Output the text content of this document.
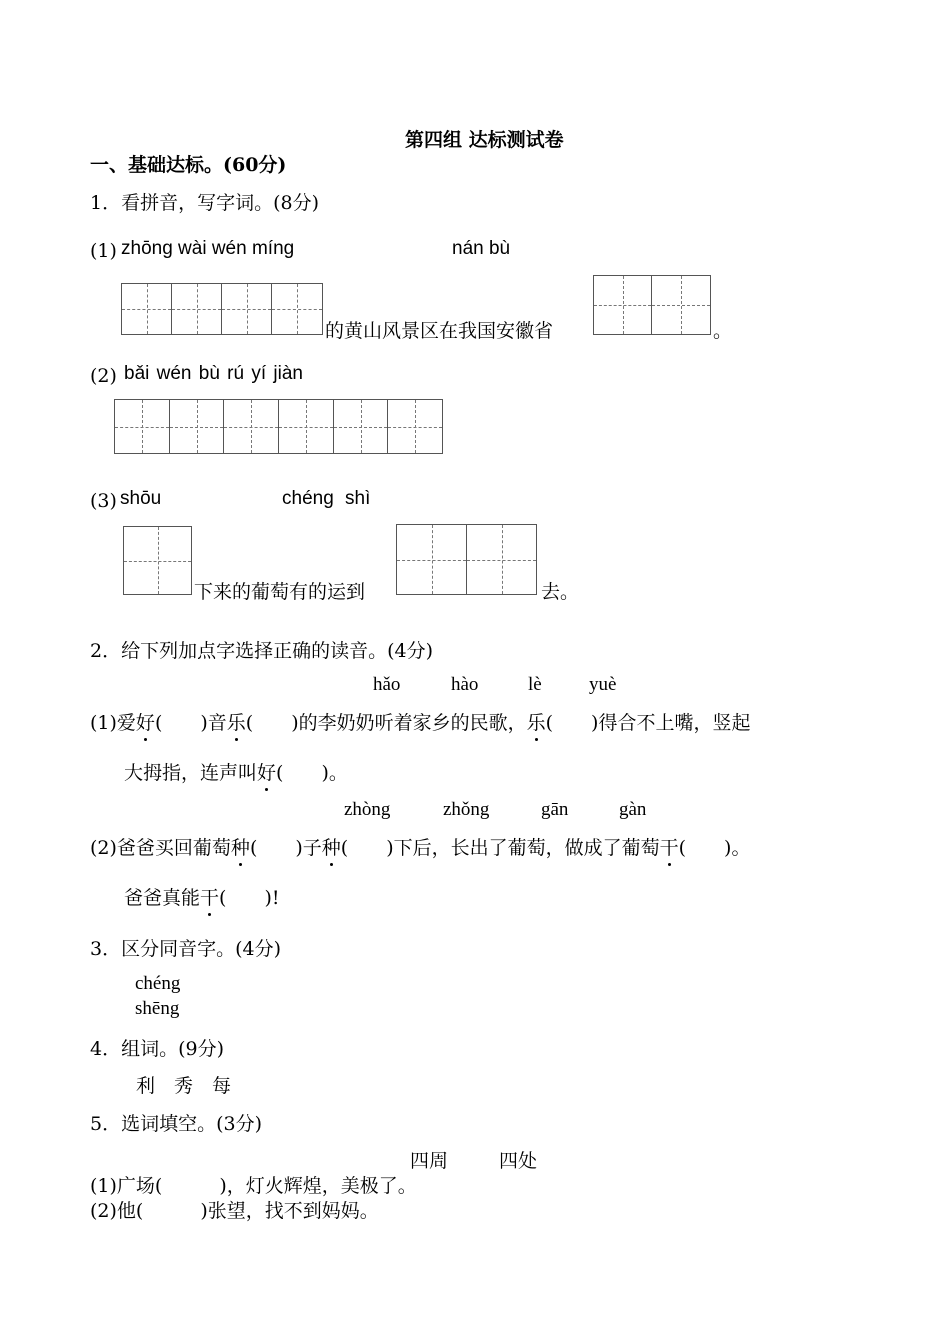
第四组 达标测试卷
一、基础达标。(60分)
1．看拼音，写字词。(8分)
(1) zhōng wài wén míng	nán bù
的黄山风景区在我国安徽省	。
(2) bǎi wén bù rú yí jiàn
(3) shōu	chéng shì
下来的葡萄有的运到	去。
2．给下列加点字选择正确的读音。(4分)
hǎo	hào	lè yuè
(1)爱好(　　)音乐(　　)的李奶奶听着家乡的民歌，乐(　　)得合不上嘴，竖起
大拇指，连声叫好(　　)。
zhòng	zhǒng	gān	gàn
(2)爸爸买回葡萄种(　　)子种(　　)下后，长出了葡萄，做成了葡萄干(　　)。
爸爸真能干(　　)!
3．区分同音字。(4分)
chéng
shēng
4．组词。(9分)
利　秀　每
5．选词填空。(3分)
四周	四处
(1)广场(　　　)，灯火辉煌，美极了。
(2)他(　　　)张望，找不到妈妈。
